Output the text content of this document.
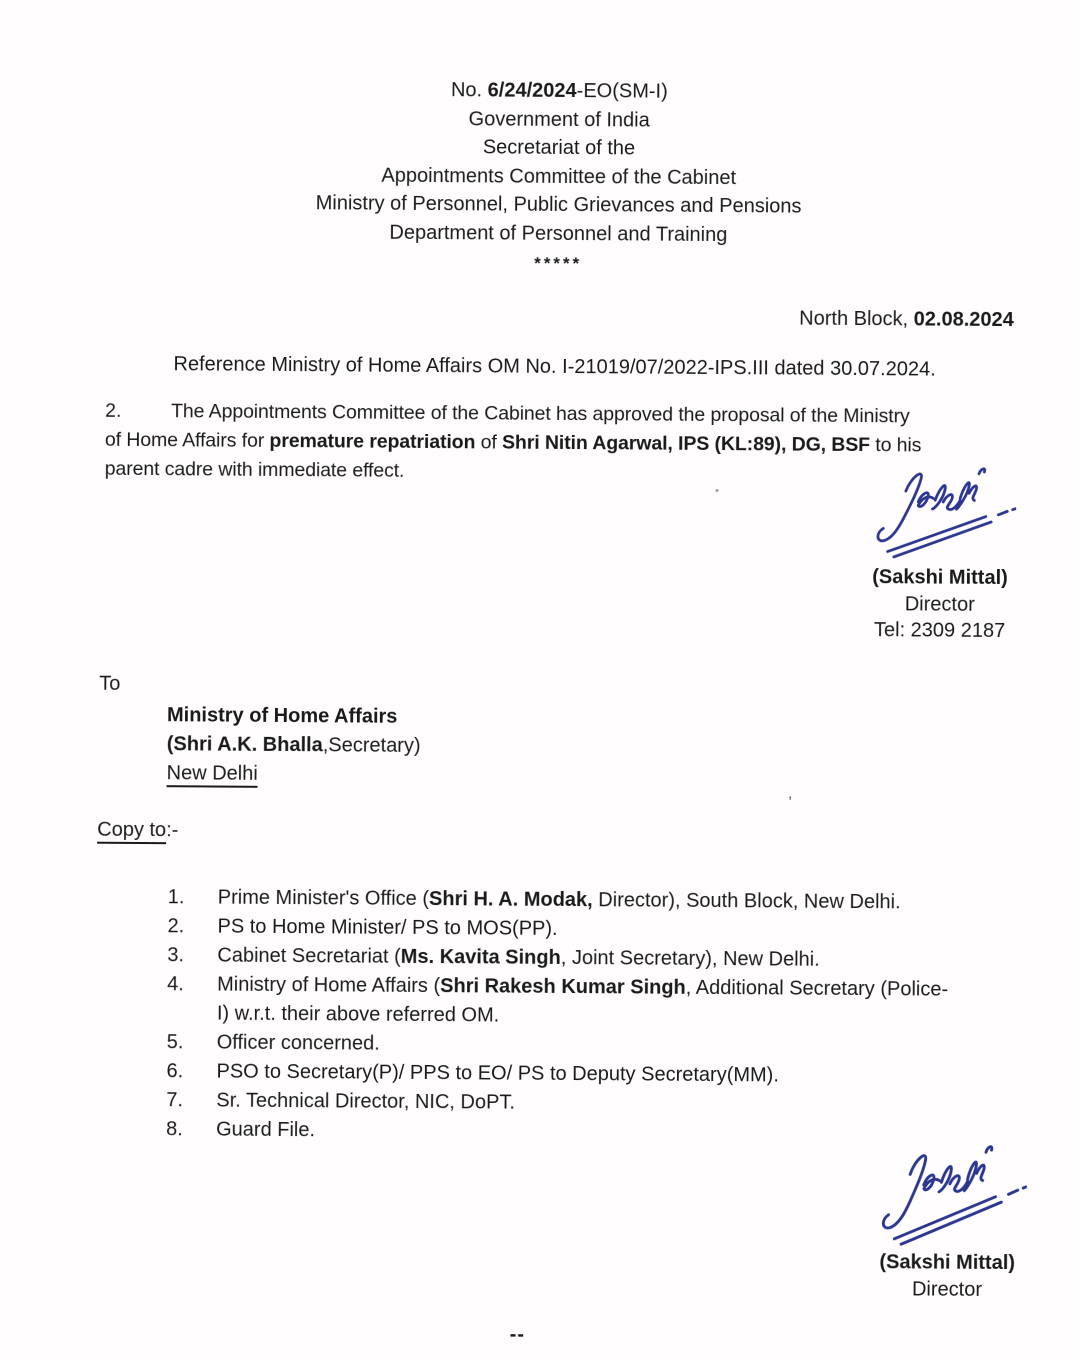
No. 6/24/2024-EO(SM-I)
Government of India
Secretariat of the
Appointments Committee of the Cabinet
Ministry of Personnel, Public Grievances and Pensions
Department of Personnel and Training
*****
North Block, 02.08.2024

Reference Ministry of Home Affairs OM No. I-21019/07/2022-IPS.III dated 30.07.2024.

2.	The Appointments Committee of the Cabinet has approved the proposal of the Ministry
of Home Affairs for premature repatriation of Shri Nitin Agarwal, IPS (KL:89), DG, BSF to his
parent cadre with immediate effect.
(Sakshi Mittal)
Director
Tel: 2309 2187
To
Ministry of Home Affairs
(Shri A.K. Bhalla,Secretary)
New Delhi
Copy to:-
1.	Prime Minister's Office (Shri H. A. Modak, Director), South Block, New Delhi.
2.	PS to Home Minister/ PS to MOS(PP).
3.	Cabinet Secretariat (Ms. Kavita Singh, Joint Secretary), New Delhi.
4.	Ministry of Home Affairs (Shri Rakesh Kumar Singh, Additional Secretary (Police-
I) w.r.t. their above referred OM.
5.	Officer concerned.
6.	PSO to Secretary(P)/ PPS to EO/ PS to Deputy Secretary(MM).
7.	Sr. Technical Director, NIC, DoPT.
8.	Guard File.
(Sakshi Mittal)
Director
--
’
